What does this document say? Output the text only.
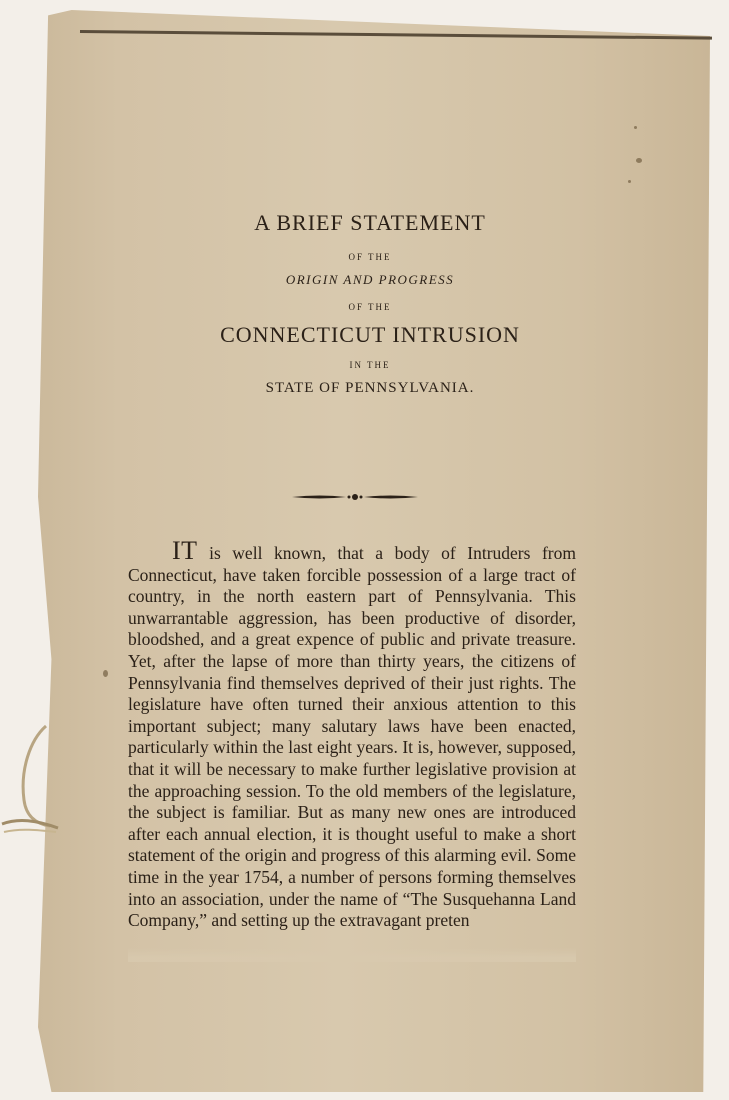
A BRIEF STATEMENT
OF THE
ORIGIN AND PROGRESS
OF THE
CONNECTICUT INTRUSION
IN THE
STATE OF PENNSYLVANIA.

IT is well known, that a body of Intruders from Connecticut, have taken forcible possession of a large tract of country, in the north eastern part of Pennsylvania. This unwarrantable aggression, has been productive of disorder, bloodshed, and a great expence of public and private treasure. Yet, after the lapse of more than thirty years, the citizens of Pennsylvania find themselves deprived of their just rights. The legislature have often turned their anxious attention to this important subject; many salutary laws have been enacted, particularly within the last eight years. It is, however, supposed, that it will be necessary to make further legislative provision at the approaching session. To the old members of the legislature, the subject is familiar. But as many new ones are introduced after each annual election, it is thought useful to make a short statement of the origin and progress of this alarming evil. Some time in the year 1754, a number of persons forming themselves into an association, under the name of “The Susquehanna Land Company,” and setting up the extravagant preten
